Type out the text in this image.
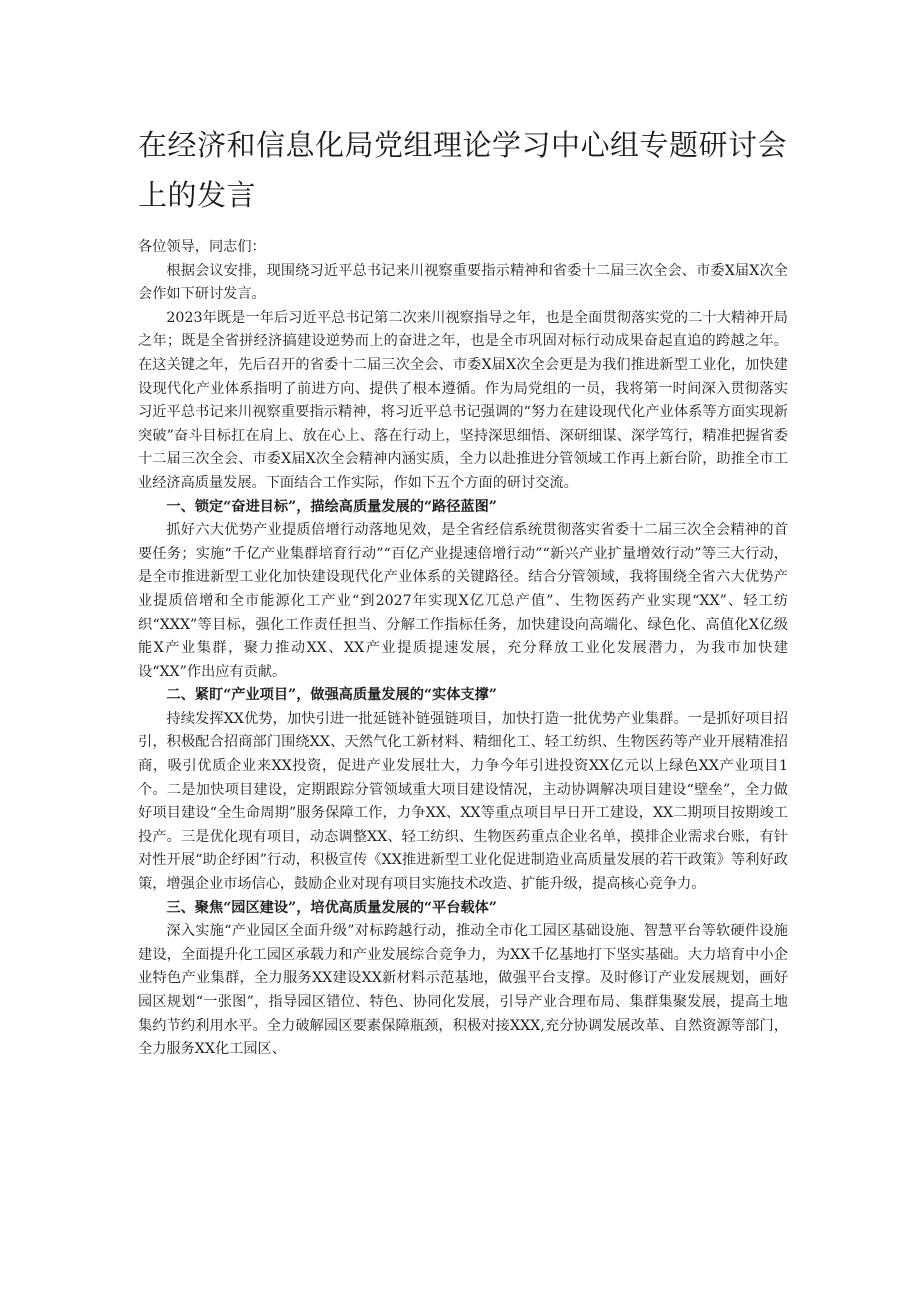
在经济和信息化局党组理论学习中心组专题研讨会上的发言

各位领导，同志们：

根据会议安排，现围绕习近平总书记来川视察重要指示精神和省委十二届三次全会、市委X届X次全会作如下研讨发言。

2023年既是一年后习近平总书记第二次来川视察指导之年，也是全面贯彻落实党的二十大精神开局之年；既是全省拼经济搞建设逆势而上的奋进之年，也是全市巩固对标行动成果奋起直追的跨越之年。在这关键之年，先后召开的省委十二届三次全会、市委X届X次全会更是为我们推进新型工业化，加快建设现代化产业体系指明了前进方向、提供了根本遵循。作为局党组的一员，我将第一时间深入贯彻落实习近平总书记来川视察重要指示精神，将习近平总书记强调的“努力在建设现代化产业体系等方面实现新突破”奋斗目标扛在肩上、放在心上、落在行动上，坚持深思细悟、深研细谋、深学笃行，精准把握省委十二届三次全会、市委X届X次全会精神内涵实质，全力以赴推进分管领域工作再上新台阶，助推全市工业经济高质量发展。下面结合工作实际，作如下五个方面的研讨交流。

一、锁定“奋进目标”，描绘高质量发展的“路径蓝图”

抓好六大优势产业提质倍增行动落地见效，是全省经信系统贯彻落实省委十二届三次全会精神的首要任务；实施“千亿产业集群培育行动”“百亿产业提速倍增行动”“新兴产业扩量增效行动”等三大行动，是全市推进新型工业化加快建设现代化产业体系的关键路径。结合分管领域，我将围绕全省六大优势产业提质倍增和全市能源化工产业“到2027年实现X亿兀总产值”、生物医药产业实现“XX”、轻工纺织“XXX”等目标，强化工作责任担当、分解工作指标任务，加快建设向高端化、绿色化、高值化X亿级能X产业集群，聚力推动XX、XX产业提质提速发展，充分释放工业化发展潜力，为我市加快建设“XX”作出应有贡献。

二、紧盯“产业项目”，做强高质量发展的“实体支撑”

持续发挥XX优势，加快引进一批延链补链强链项目，加快打造一批优势产业集群。一是抓好项目招引，积极配合招商部门围绕XX、天然气化工新材料、精细化工、轻工纺织、生物医药等产业开展精准招商，吸引优质企业来XX投资，促进产业发展壮大，力争今年引进投资XX亿元以上绿色XX产业项目1个。二是加快项目建设，定期跟踪分管领域重大项目建设情况，主动协调解决项目建设“壁垒”，全力做好项目建设“全生命周期”服务保障工作，力争XX、XX等重点项目早日开工建设，XX二期项目按期竣工投产。三是优化现有项目，动态调整XX、轻工纺织、生物医药重点企业名单，摸排企业需求台账，有针对性开展“助企纾困”行动，积极宣传《XX推进新型工业化促进制造业高质量发展的若干政策》等利好政策，增强企业市场信心，鼓励企业对现有项目实施技术改造、扩能升级，提高核心竞争力。

三、聚焦“园区建设”，培优高质量发展的“平台载体”

深入实施“产业园区全面升级”对标跨越行动，推动全市化工园区基础设施、智慧平台等软硬件设施建设，全面提升化工园区承载力和产业发展综合竞争力，为XX千亿基地打下坚实基础。大力培育中小企业特色产业集群，全力服务XX建设XX新材料示范基地，做强平台支撑。及时修订产业发展规划，画好园区规划“一张图”，指导园区错位、特色、协同化发展，引导产业合理布局、集群集聚发展，提高土地集约节约利用水平。全力破解园区要素保障瓶颈，积极对接XXX,充分协调发展改革、自然资源等部门，全力服务XX化工园区、
